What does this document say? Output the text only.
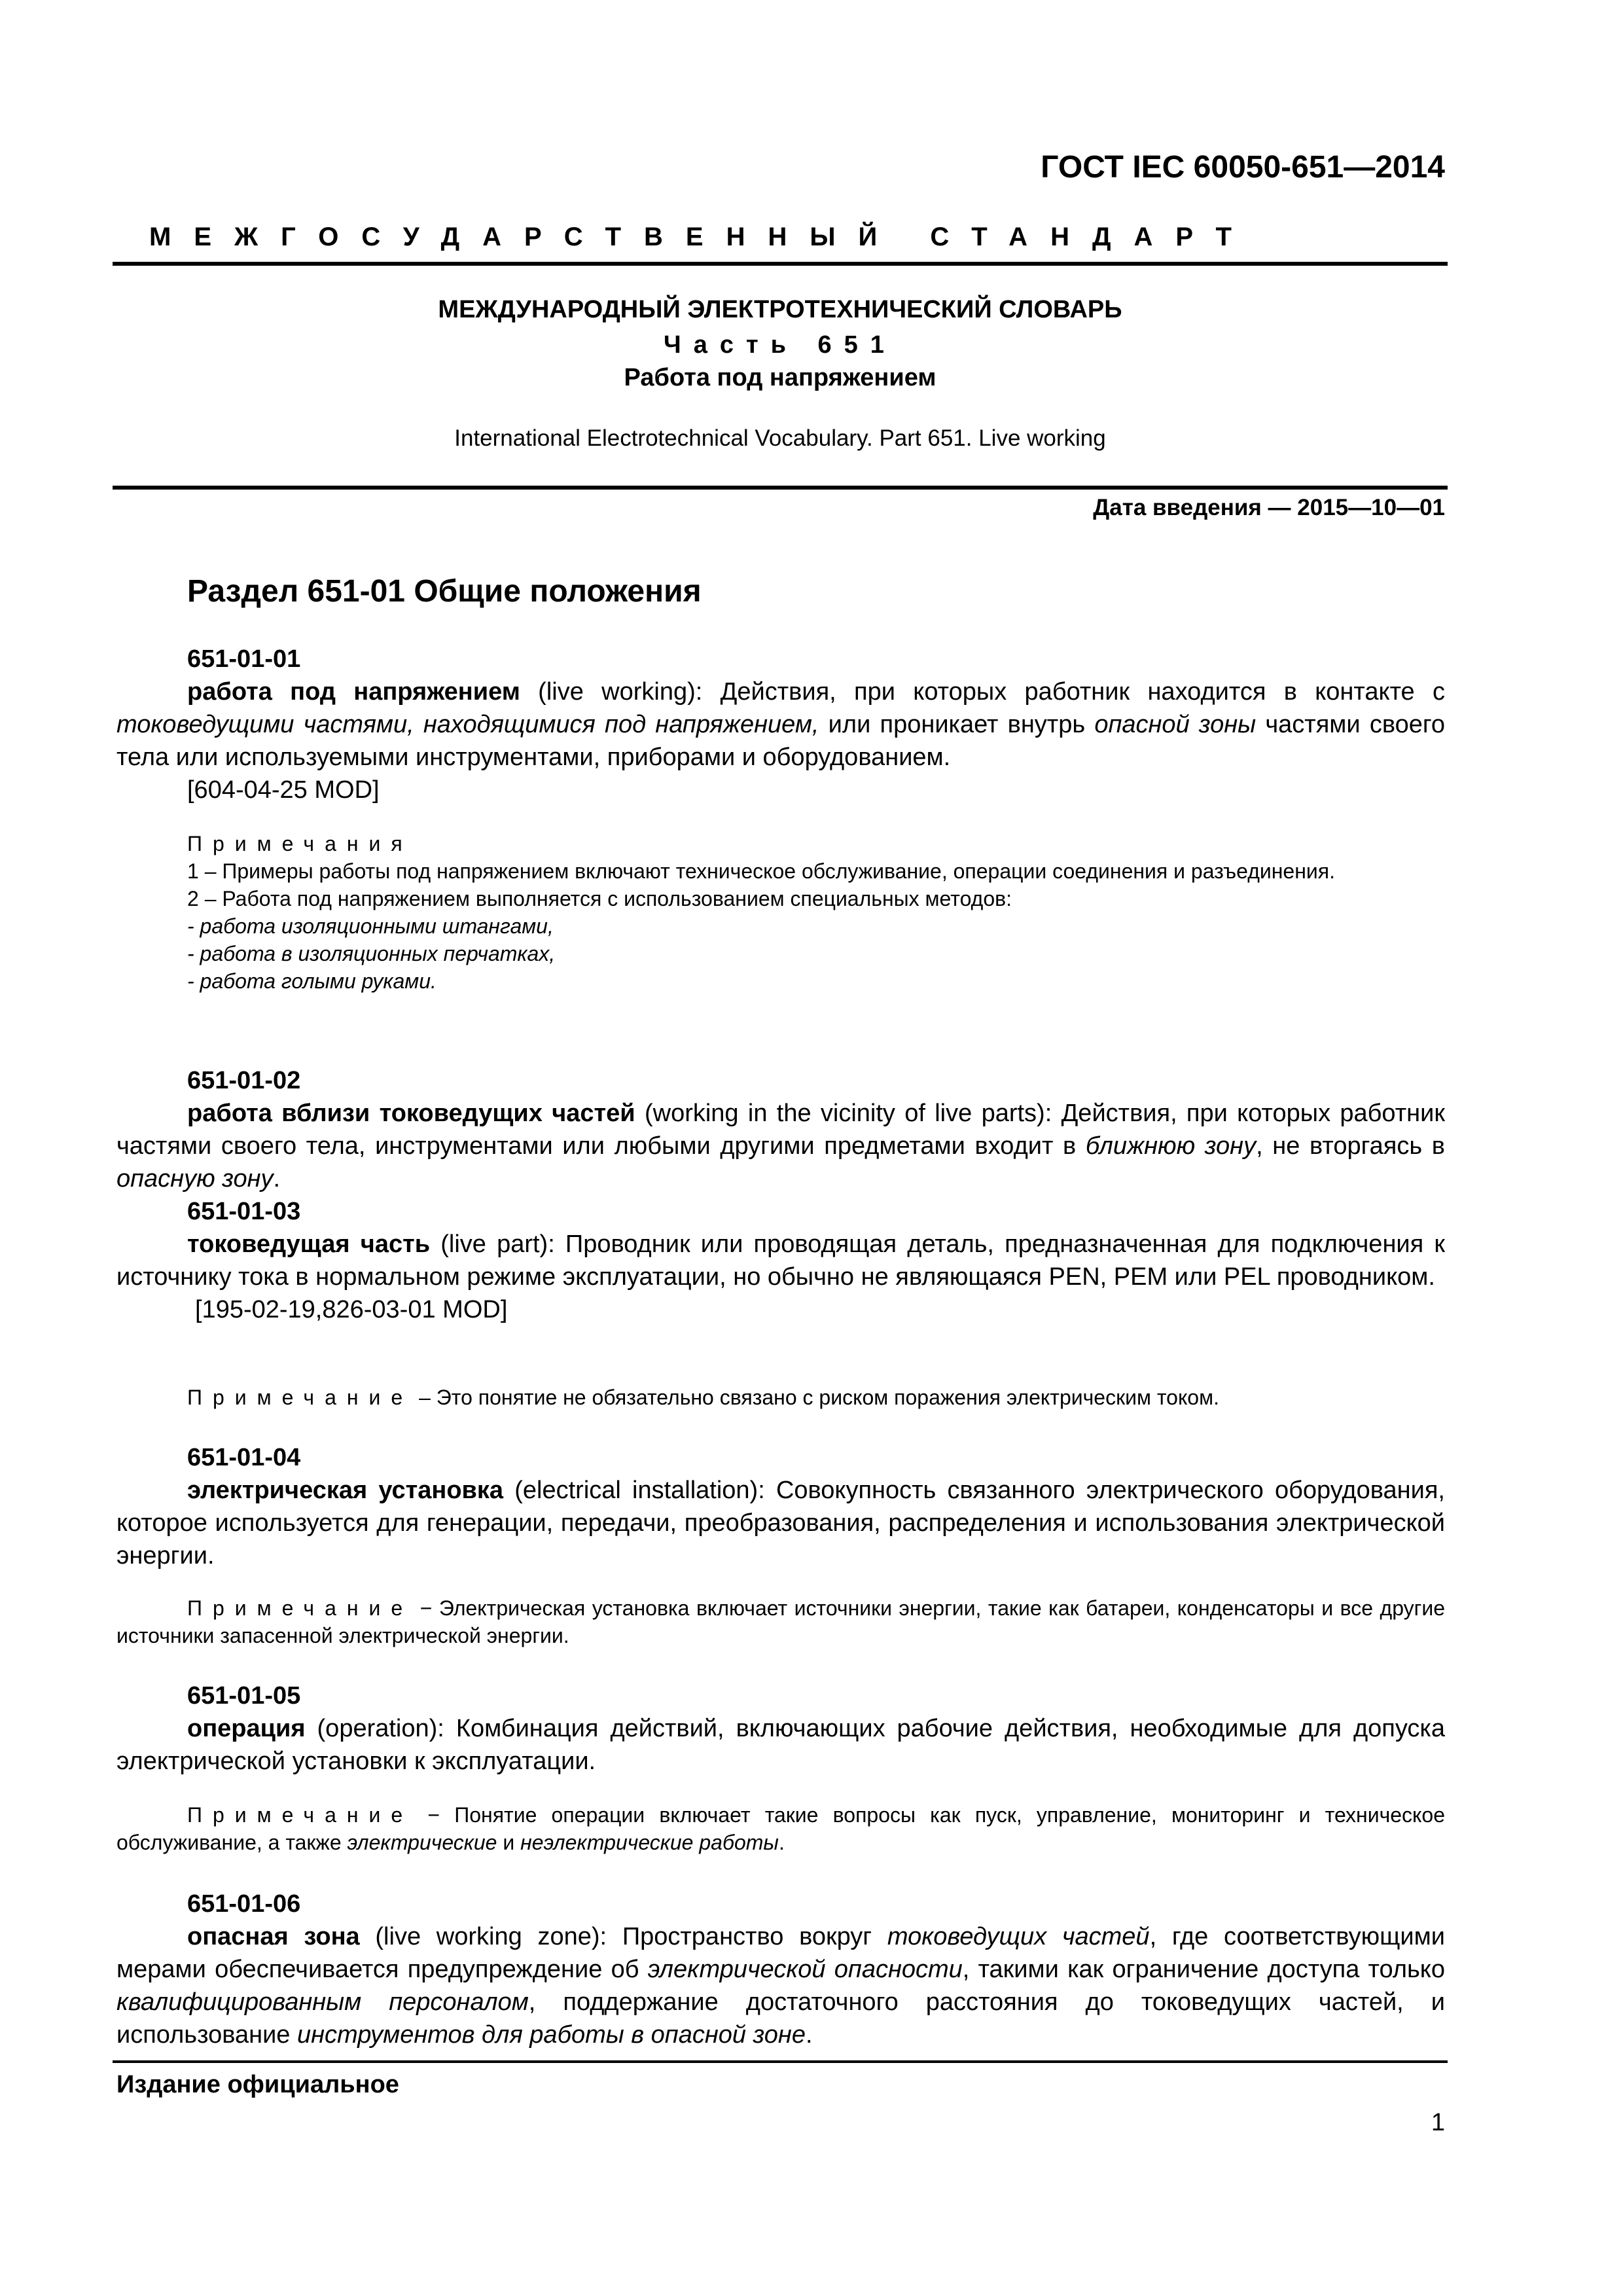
ГОСТ IEC 60050-651—2014
МЕЖГОСУДАРСТВЕННЫЙ СТАНДАРТ
МЕЖДУНАРОДНЫЙ ЭЛЕКТРОТЕХНИЧЕСКИЙ СЛОВАРЬ
Часть 651
Работа под напряжением
International Electrotechnical Vocabulary. Part 651. Live working
Дата введения — 2015—10—01
Раздел 651-01 Общие положения
651-01-01

работа под напряжением (live working): Действия, при которых работник находится в контакте с токоведущими частями, находящимися под напряжением, или проникает внутрь опасной зоны частями своего тела или используемыми инструментами, приборами и оборудованием.

[604-04-25 MOD]

Примечания

1 – Примеры работы под напряжением включают техническое обслуживание, операции соединения и разъединения.

2 – Работа под напряжением выполняется с использованием специальных методов:

- работа изоляционными штангами,

- работа в изоляционных перчатках,

- работа голыми руками.

651-01-02

работа вблизи токоведущих частей (working in the vicinity of live parts): Действия, при которых работник частями своего тела, инструментами или любыми другими предметами входит в ближнюю зону, не вторгаясь в опасную зону.

651-01-03

токоведущая часть (live part): Проводник или проводящая деталь, предназначенная для подключения к источнику тока в нормальном режиме эксплуатации, но обычно не являющаяся PEN, PEM или PEL проводником.

[195-02-19,826-03-01 MOD]

Примечание – Это понятие не обязательно связано с риском поражения электрическим током.

651-01-04

электрическая установка (electrical installation): Совокупность связанного электрического оборудования, которое используется для генерации, передачи, преобразования, распределения и использования электрической энергии.

Примечание − Электрическая установка включает источники энергии, такие как батареи, конденсаторы и все другие источники запасенной электрической энергии.

651-01-05

операция (operation): Комбинация действий, включающих рабочие действия, необходимые для допуска электрической установки к эксплуатации.

Примечание − Понятие операции включает такие вопросы как пуск, управление, мониторинг и техническое обслуживание, а также электрические и неэлектрические работы.

651-01-06

опасная зона (live working zone): Пространство вокруг токоведущих частей, где соответствующими мерами обеспечивается предупреждение об электрической опасности, такими как ограничение доступа только квалифицированным персоналом, поддержание достаточного расстояния до токоведущих частей, и использование инструментов для работы в опасной зоне.

Издание официальное
1
